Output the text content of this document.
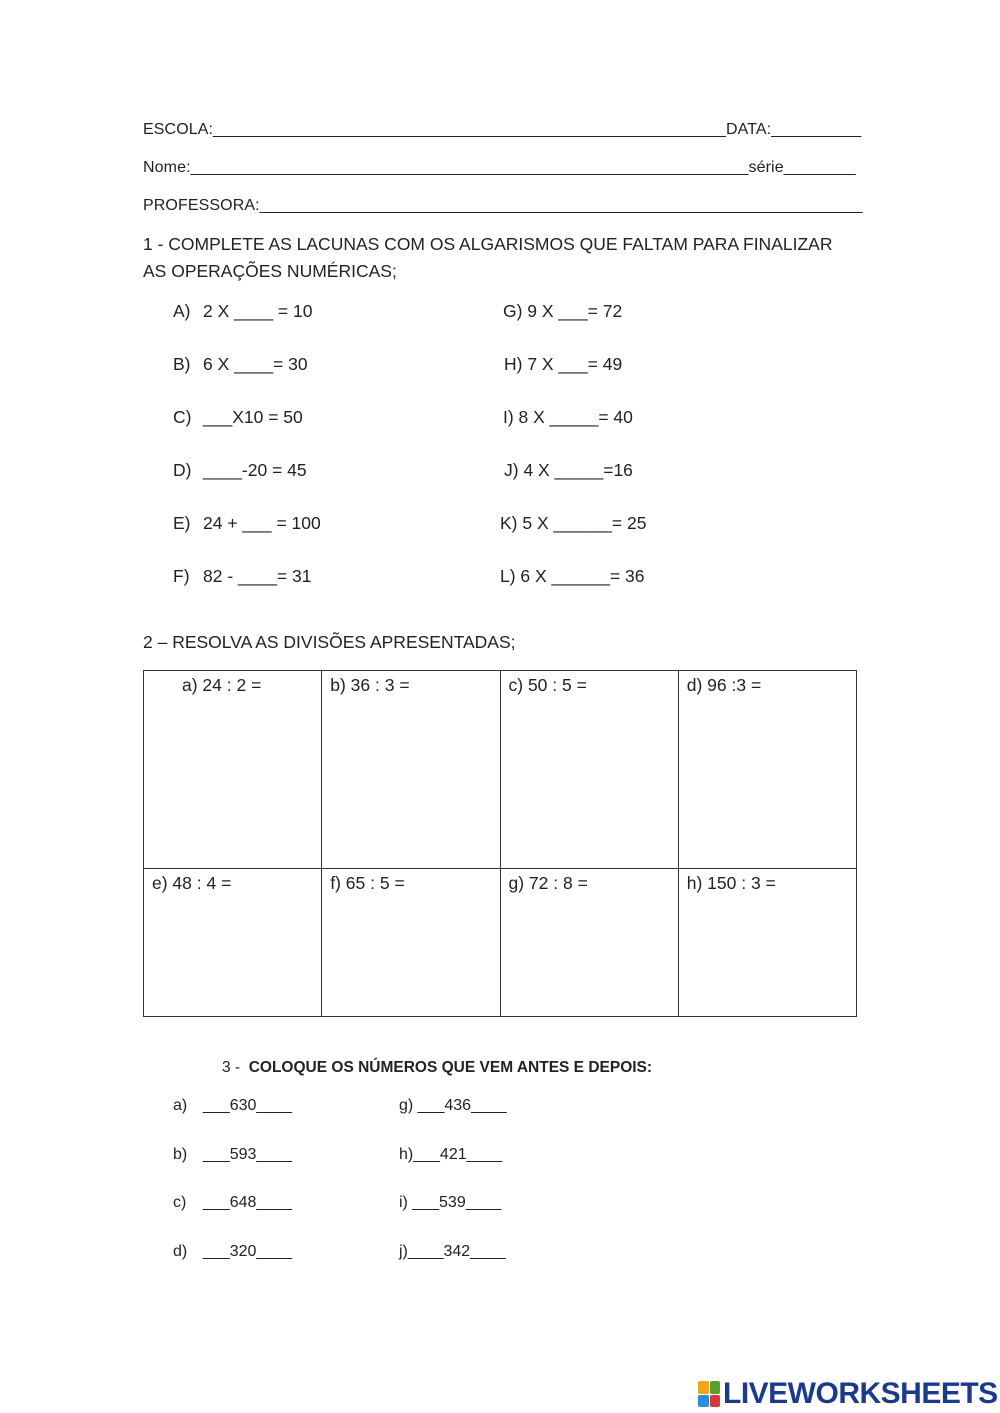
ESCOLA:_________________________________________________________DATA:__________
Nome:______________________________________________________________série________
PROFESSORA:___________________________________________________________________
1 - COMPLETE AS LACUNAS COM OS ALGARISMOS QUE FALTAM PARA FINALIZAR AS OPERAÇÕES NUMÉRICAS;
A) 2 X ____ = 10
B) 6 X ____= 30
C) ___X10 = 50
D) ____-20 = 45
E) 24 + ___ = 100
F) 82 - ____= 31
G) 9 X ___= 72
H) 7 X ___= 49
I) 8 X _____= 40
J) 4 X _____=16
K) 5 X ______= 25
L) 6 X ______= 36
2 – RESOLVA AS DIVISÕES APRESENTADAS;
a) 24 : 2 =	b) 36 : 3 =	c) 50 : 5 =	d) 96 :3 =
e) 48 : 4 =	f) 65 : 5 =	g) 72 : 8 =	h) 150 : 3 =
3 - COLOQUE OS NÚMEROS QUE VEM ANTES E DEPOIS:
a) ___630____
b) ___593____
c) ___648____
d) ___320____
g) ___436____
h)___421____
i) ___539____
j)____342____
LIVEWORKSHEETS
